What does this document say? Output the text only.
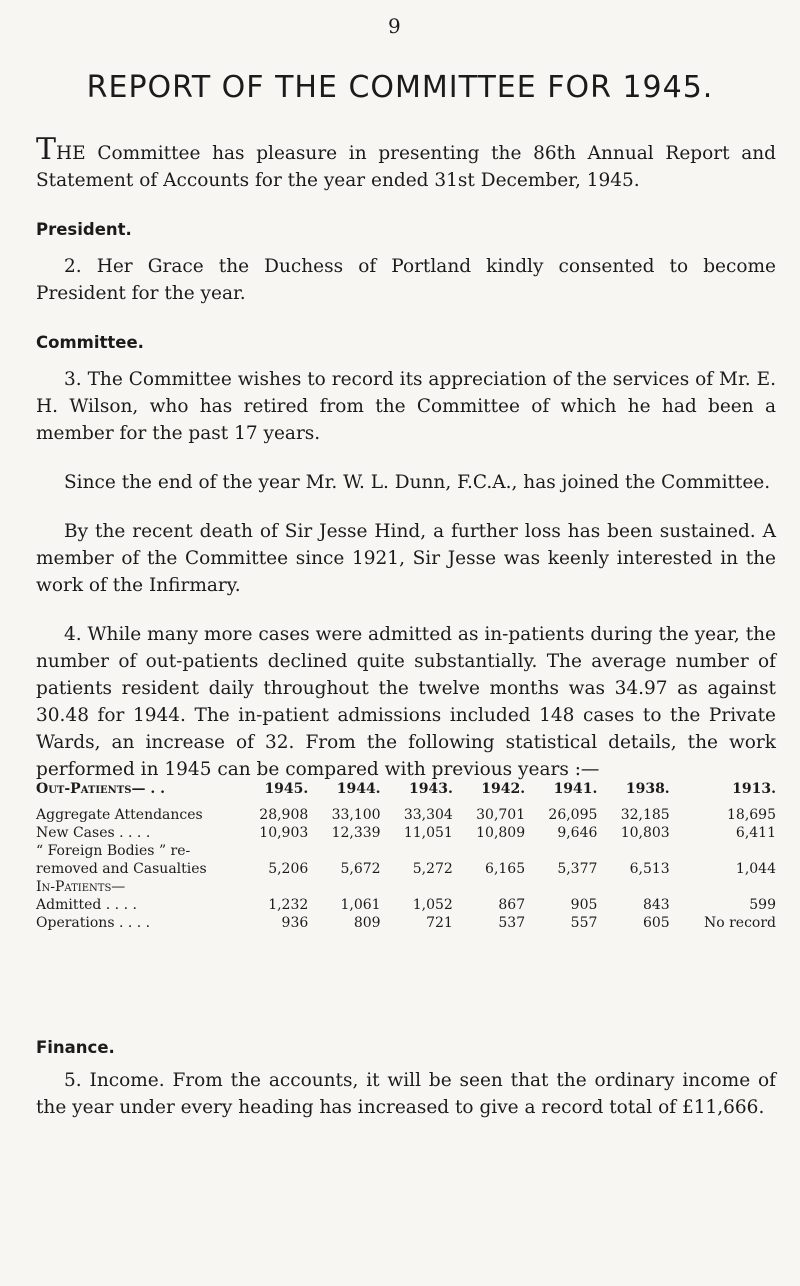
9
REPORT OF THE COMMITTEE FOR 1945.

THE Committee has pleasure in presenting the 86th Annual Report and Statement of Accounts for the year ended 31st December, 1945.

President.

2. Her Grace the Duchess of Portland kindly consented to become President for the year.

Committee.

3. The Committee wishes to record its appreciation of the services of Mr. E. H. Wilson, who has retired from the Committee of which he had been a member for the past 17 years.

Since the end of the year Mr. W. L. Dunn, F.C.A., has joined the Committee.

By the recent death of Sir Jesse Hind, a further loss has been sustained. A member of the Committee since 1921, Sir Jesse was keenly interested in the work of the Infirmary.

4. While many more cases were admitted as in-patients during the year, the number of out-patients declined quite substantially. The average number of patients resident daily throughout the twelve months was 34.97 as against 30.48 for 1944. The in-patient admissions included 148 cases to the Private Wards, an increase of 32. From the following statistical details, the work performed in 1945 can be compared with previous years :—

Out-Patients— . .	1945.	1944.	1943.	1942.	1941.	1938.	1913.
Aggregate Attendances	28,908	33,100	33,304	30,701	26,095	32,185	18,695
New Cases . . . .	10,903	12,339	11,051	10,809	9,646	10,803	6,411
“ Foreign Bodies ” re-							
removed and Casualties	5,206	5,672	5,272	6,165	5,377	6,513	1,044
In-Patients—							
Admitted . . . .	1,232	1,061	1,052	867	905	843	599
Operations . . . .	936	809	721	537	557	605	No record
Finance.

5. Income. From the accounts, it will be seen that the ordinary income of the year under every heading has increased to give a record total of £11,666.
